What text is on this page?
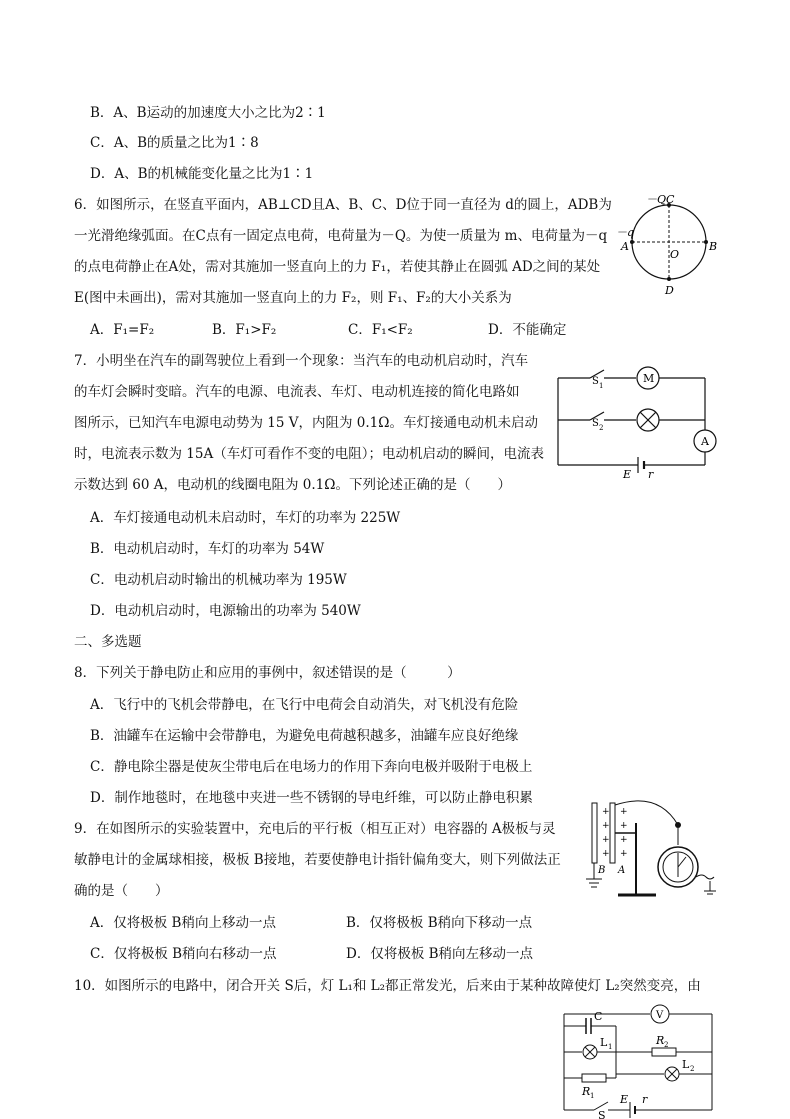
B．A、B运动的加速度大小之比为2∶1
C．A、B的质量之比为1∶8
D．A、B的机械能变化量之比为1∶1
6．如图所示，在竖直平面内，AB⊥CD且A、B、C、D位于同一直径为 d的圆上，ADB为
一光滑绝缘弧面。在C点有一固定点电荷，电荷量为－Q。为使一质量为 m、电荷量为－q
的点电荷静止在A处，需对其施加一竖直向上的力 F₁，若使其静止在圆弧 AD之间的某处
E(图中未画出)，需对其施加一竖直向上的力 F₂，则 F₁、F₂的大小关系为
A．F₁=F₂	B．F₁>F₂	C．F₁<F₂	D．不能确定
－Q C
－q
A	B
O
D
7．小明坐在汽车的副驾驶位上看到一个现象：当汽车的电动机启动时，汽车
的车灯会瞬时变暗。汽车的电源、电流表、车灯、电动机连接的简化电路如
图所示，已知汽车电源电动势为 15 V，内阻为 0.1Ω。车灯接通电动机未启动
时，电流表示数为 15A（车灯可看作不变的电阻）；电动机启动的瞬间，电流表
示数达到 60 A，电动机的线圈电阻为 0.1Ω。下列论述正确的是（　　）
A．车灯接通电动机未启动时，车灯的功率为 225W
B．电动机启动时，车灯的功率为 54W
C．电动机启动时输出的机械功率为 195W
D．电动机启动时，电源输出的功率为 540W
M
A
S 1
S 2
E r
二、多选题
8．下列关于静电防止和应用的事例中，叙述错误的是（　　　）
A．飞行中的飞机会带静电，在飞行中电荷会自动消失，对飞机没有危险
B．油罐车在运输中会带静电，为避免电荷越积越多，油罐车应良好绝缘
C．静电除尘器是使灰尘带电后在电场力的作用下奔向电极并吸附于电极上
D．制作地毯时，在地毯中夹进一些不锈钢的导电纤维，可以防止静电积累
9．在如图所示的实验装置中，充电后的平行板（相互正对）电容器的 A极板与灵
敏静电计的金属球相接，极板 B接地，若要使静电计指针偏角变大，则下列做法正
确的是（　　）
A．仅将极板 B稍向上移动一点	B．仅将极板 B稍向下移动一点
C．仅将极板 B稍向右移动一点	D．仅将极板 B稍向左移动一点
+
+
+
+
+
+
+
+
B A
10．如图所示的电路中，闭合开关 S后，灯 L₁和 L₂都正常发光，后来由于某种故障使灯 L₂突然变亮，由
C	V
L 1	R 2
L 2
R 1
S
E r
